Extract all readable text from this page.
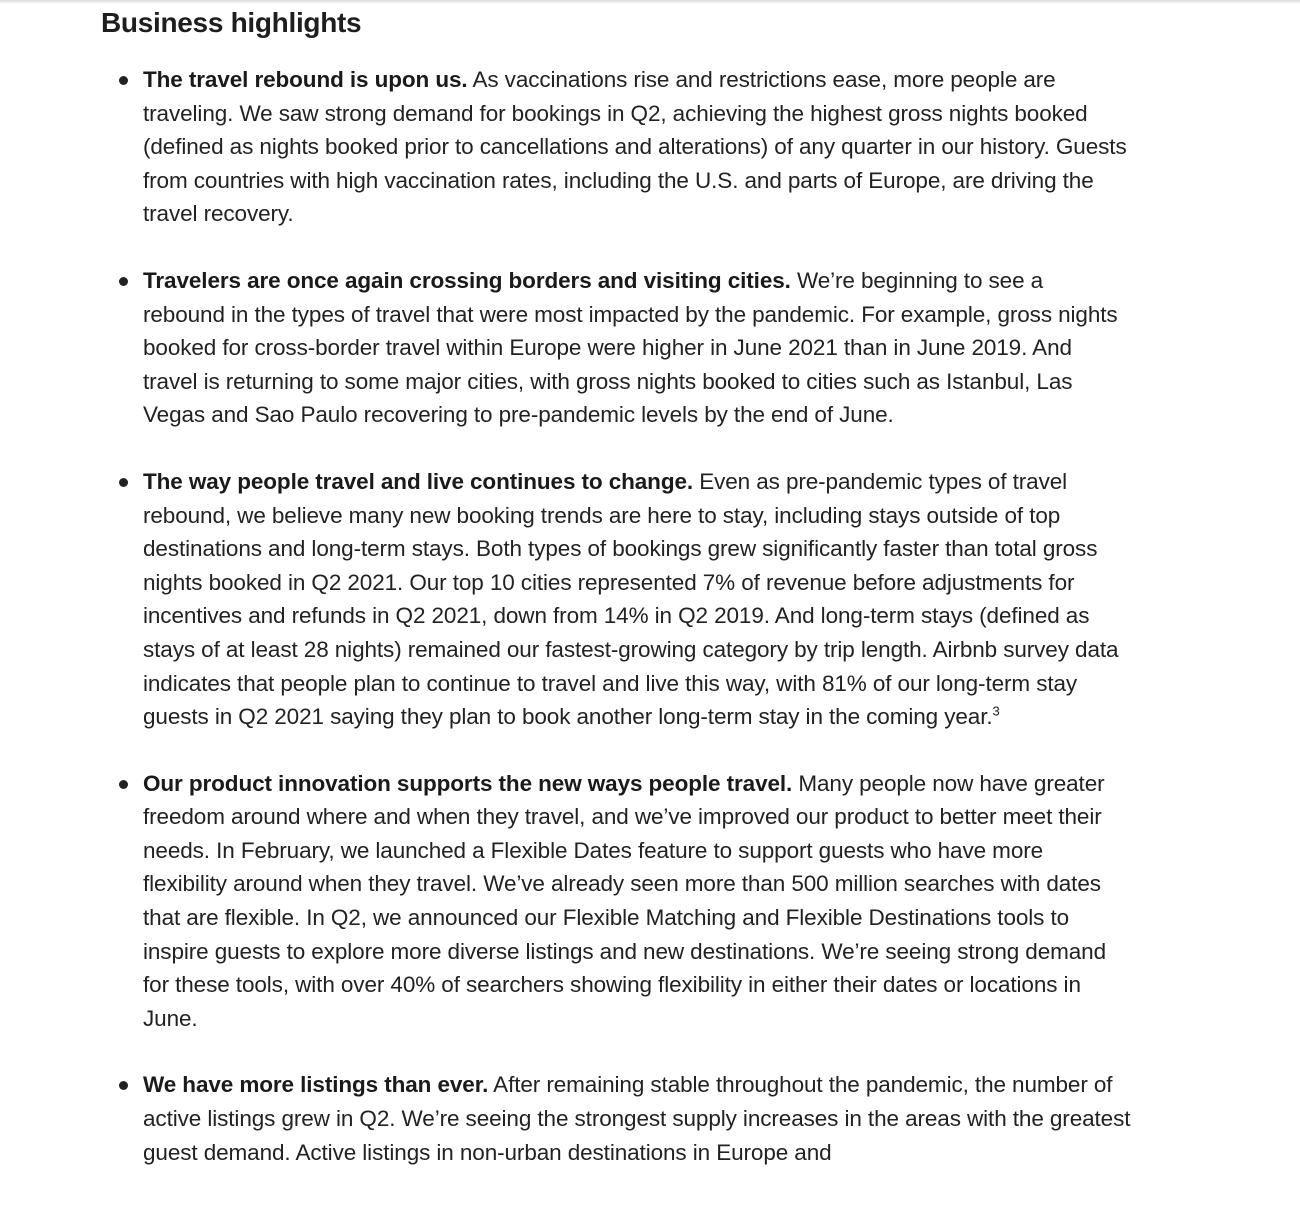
Business highlights
The travel rebound is upon us. As vaccinations rise and restrictions ease, more people are traveling. We saw strong demand for bookings in Q2, achieving the highest gross nights booked (defined as nights booked prior to cancellations and alterations) of any quarter in our history. Guests from countries with high vaccination rates, including the U.S. and parts of Europe, are driving the travel recovery.
Travelers are once again crossing borders and visiting cities. We’re beginning to see a rebound in the types of travel that were most impacted by the pandemic. For example, gross nights booked for cross-border travel within Europe were higher in June 2021 than in June 2019. And travel is returning to some major cities, with gross nights booked to cities such as Istanbul, Las Vegas and Sao Paulo recovering to pre-pandemic levels by the end of June.
The way people travel and live continues to change. Even as pre-pandemic types of travel rebound, we believe many new booking trends are here to stay, including stays outside of top destinations and long-term stays. Both types of bookings grew significantly faster than total gross nights booked in Q2 2021. Our top 10 cities represented 7% of revenue before adjustments for incentives and refunds in Q2 2021, down from 14% in Q2 2019. And long-term stays (defined as stays of at least 28 nights) remained our fastest-growing category by trip length. Airbnb survey data indicates that people plan to continue to travel and live this way, with 81% of our long-term stay guests in Q2 2021 saying they plan to book another long-term stay in the coming year.$^3$
Our product innovation supports the new ways people travel. Many people now have greater freedom around where and when they travel, and we’ve improved our product to better meet their needs. In February, we launched a Flexible Dates feature to support guests who have more flexibility around when they travel. We’ve already seen more than 500 million searches with dates that are flexible. In Q2, we announced our Flexible Matching and Flexible Destinations tools to inspire guests to explore more diverse listings and new destinations. We’re seeing strong demand for these tools, with over 40% of searchers showing flexibility in either their dates or locations in June.
We have more listings than ever. After remaining stable throughout the pandemic, the number of active listings grew in Q2. We’re seeing the strongest supply increases in the areas with the greatest guest demand. Active listings in non-urban destinations in Europe and
